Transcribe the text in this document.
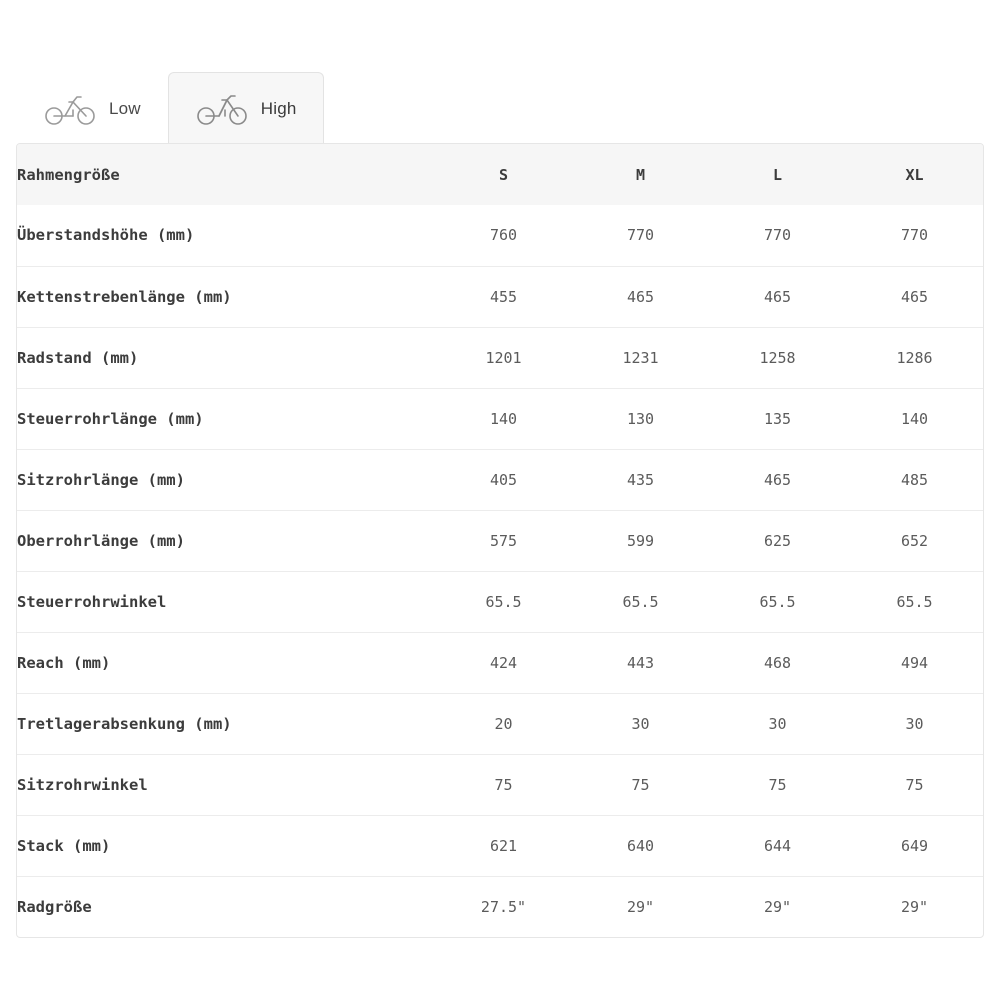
Low	High
Rahmengröße	S	M	L	XL
Überstandshöhe (mm)	760	770	770	770
Kettenstrebenlänge (mm)	455	465	465	465
Radstand (mm)	1201	1231	1258	1286
Steuerrohrlänge (mm)	140	130	135	140
Sitzrohrlänge (mm)	405	435	465	485
Oberrohrlänge (mm)	575	599	625	652
Steuerrohrwinkel	65.5	65.5	65.5	65.5
Reach (mm)	424	443	468	494
Tretlagerabsenkung (mm)	20	30	30	30
Sitzrohrwinkel	75	75	75	75
Stack (mm)	621	640	644	649
Radgröße	27.5"	29"	29"	29"
